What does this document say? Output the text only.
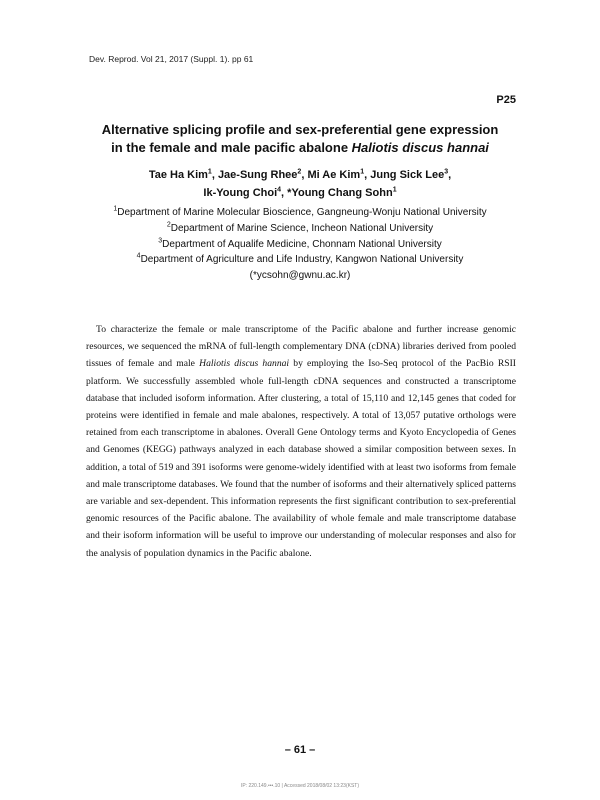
Dev. Reprod. Vol 21, 2017 (Suppl. 1). pp 61
P25
Alternative splicing profile and sex-preferential gene expression
in the female and male pacific abalone Haliotis discus hannai
Tae Ha Kim$^1$, Jae-Sung Rhee$^2$, Mi Ae Kim$^1$, Jung Sick Lee$^3$,
Ik-Young Choi$^4$, *Young Chang Sohn$^1$
$^1$Department of Marine Molecular Bioscience, Gangneung-Wonju National University
$^2$Department of Marine Science, Incheon National University
$^3$Department of Aqualife Medicine, Chonnam National University
$^4$Department of Agriculture and Life Industry, Kangwon National University
(*ycsohn@gwnu.ac.kr)
To characterize the female or male transcriptome of the Pacific abalone and further increase genomic resources, we sequenced the mRNA of full-length complementary DNA (cDNA) libraries derived from pooled tissues of female and male Haliotis discus hannai by employing the Iso-Seq protocol of the PacBio RSII platform. We successfully assembled whole full-length cDNA sequences and constructed a transcriptome database that included isoform information. After clustering, a total of 15,110 and 12,145 genes that coded for proteins were identified in female and male abalones, respectively. A total of 13,057 putative orthologs were retained from each transcriptome in abalones. Overall Gene Ontology terms and Kyoto Encyclopedia of Genes and Genomes (KEGG) pathways analyzed in each database showed a similar composition between sexes. In addition, a total of 519 and 391 isoforms were genome-widely identified with at least two isoforms from female and male transcriptome databases. We found that the number of isoforms and their alternatively spliced patterns are variable and sex-dependent. This information represents the first significant contribution to sex-preferential genomic resources of the Pacific abalone. The availability of whole female and male transcriptome database and their isoform information will be useful to improve our understanding of molecular responses and also for the analysis of population dynamics in the Pacific abalone.
– 61 –
IP: 220.149.•••.10 | Accessed 2018/08/02 13:23(KST)
